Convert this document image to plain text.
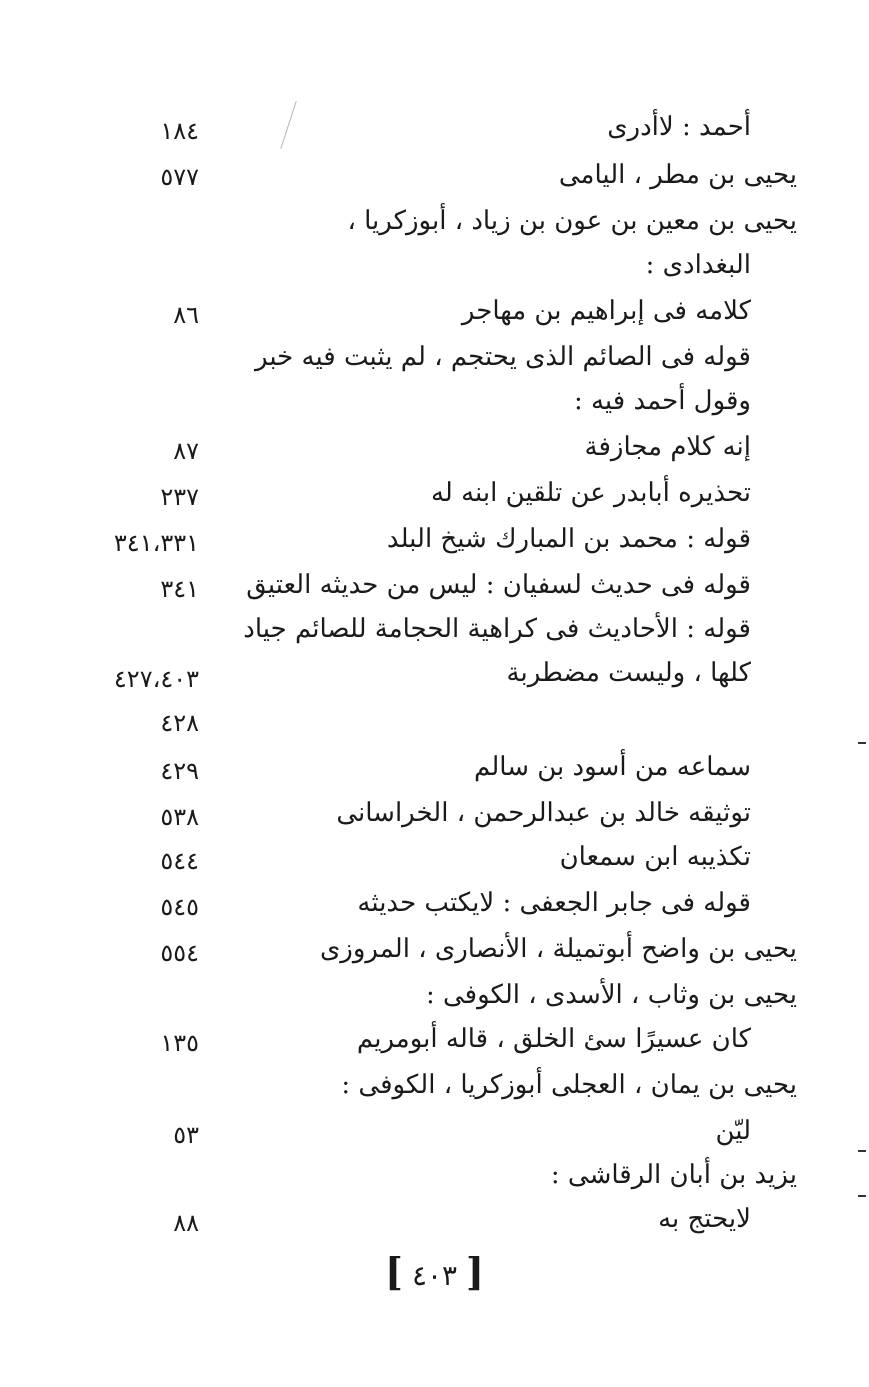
أحمد : لاأدرى
١٨٤
يحيى بن مطر ، اليامى
٥٧٧
يحيى بن معين بن عون بن زياد ، أبوزكريا ،
البغدادى :
كلامه فى إبراهيم بن مهاجر
٨٦
قوله فى الصائم الذى يحتجم ، لم يثبت فيه خبر
وقول أحمد فيه :
إنه كلام مجازفة
٨٧
تحذيره أبابدر عن تلقين ابنه له
٢٣٧
قوله : محمد بن المبارك شيخ البلد
٣٤١،٣٣١
قوله فى حديث لسفيان : ليس من حديثه العتيق
٣٤١
قوله : الأحاديث فى كراهية الحجامة للصائم جياد
كلها ، وليست مضطربة
٤٢٧،٤٠٣
٤٢٨
سماعه من أسود بن سالم
٤٢٩
توثيقه خالد بن عبدالرحمن ، الخراسانى
٥٣٨
تكذيبه ابن سمعان
٥٤٤
قوله فى جابر الجعفى : لايكتب حديثه
٥٤٥
يحيى بن واضح أبوتميلة ، الأنصارى ، المروزى
٥٥٤
يحيى بن وثاب ، الأسدى ، الكوفى :
كان عسيرًا سئ الخلق ، قاله أبومريم
١٣٥
يحيى بن يمان ، العجلى أبوزكريا ، الكوفى :
ليّن
٥٣
يزيد بن أبان الرقاشى :
لايحتج به
٨٨
[ ٤٠٣ ]
